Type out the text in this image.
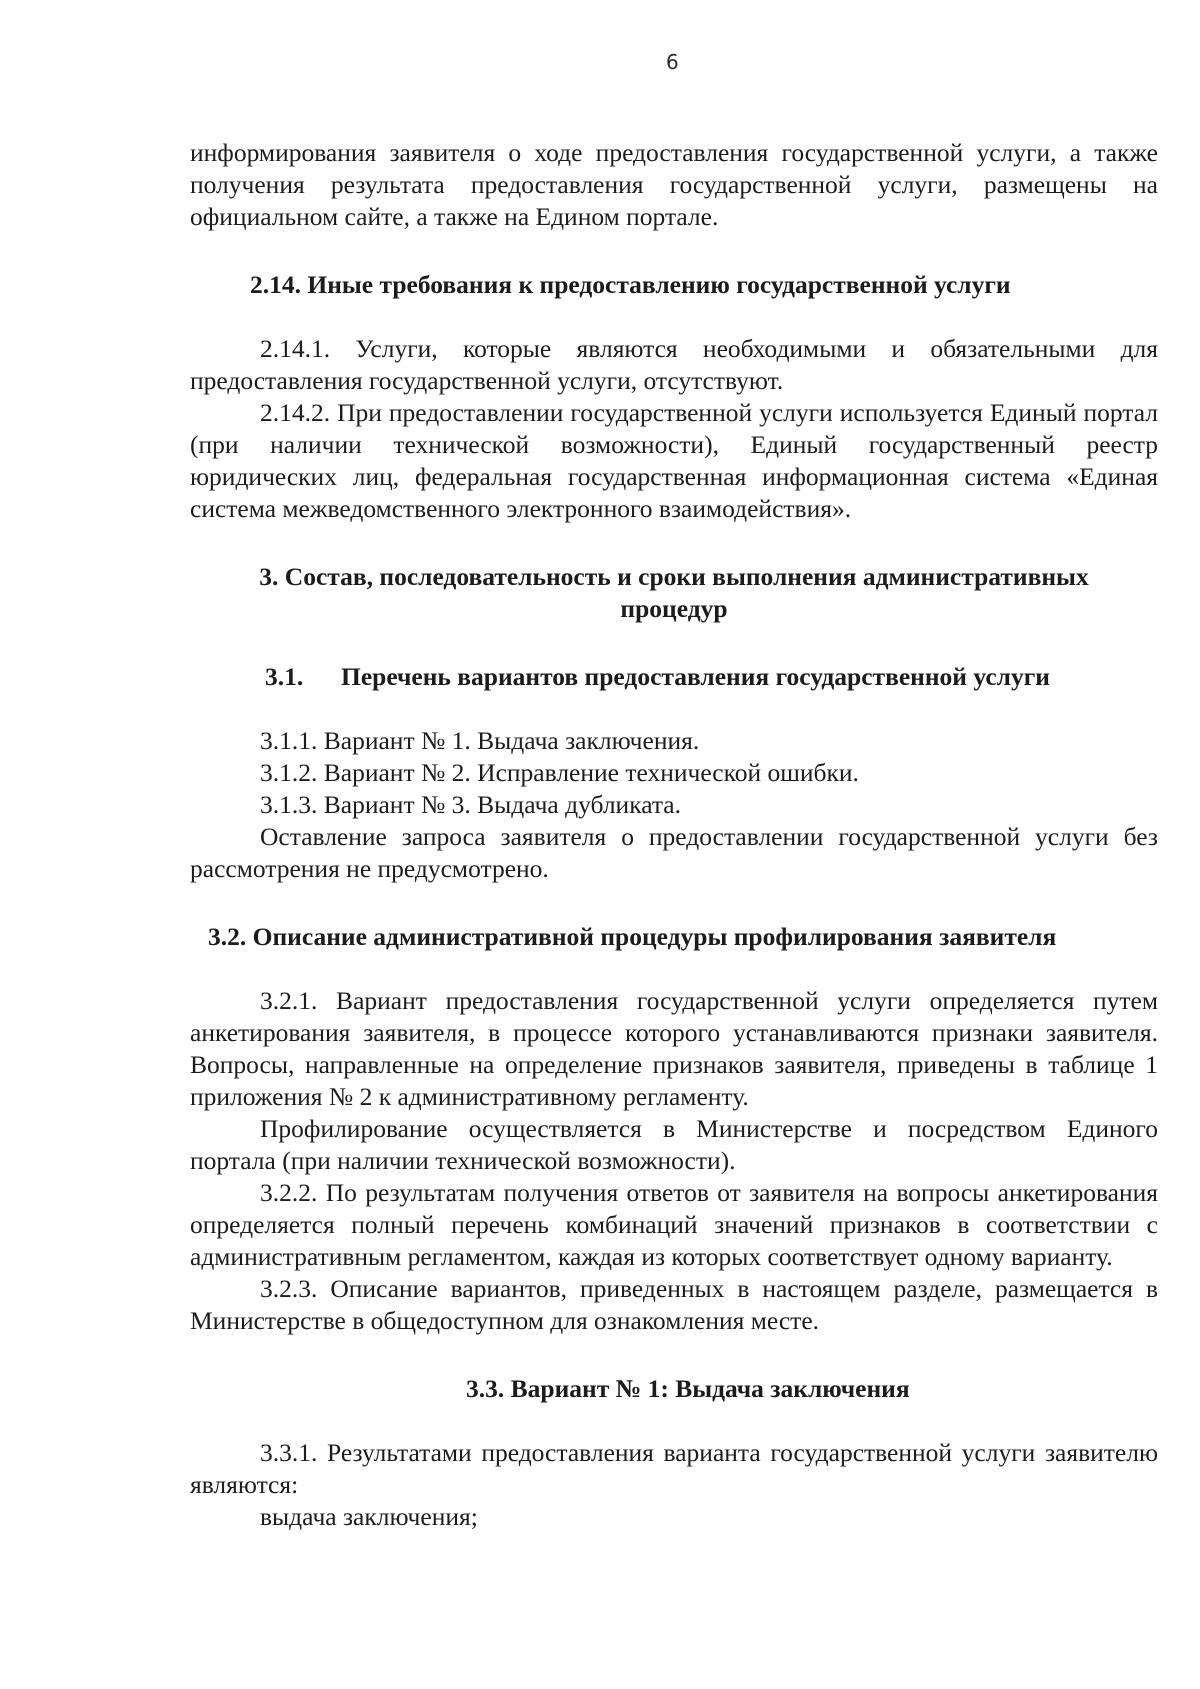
6

информирования заявителя о ходе предоставления государственной услуги, а также получения результата предоставления государственной услуги, размещены на официальном сайте, а также на Едином портале.

2.14. Иные требования к предоставлению государственной услуги

2.14.1. Услуги, которые являются необходимыми и обязательными для предоставления государственной услуги, отсутствуют.

2.14.2. При предоставлении государственной услуги используется Единый портал (при наличии технической возможности), Единый государственный реестр юридических лиц, федеральная государственная информационная система «Единая система межведомственного электронного взаимодействия».

3. Состав, последовательность и сроки выполнения административных
процедур
3.1. Перечень вариантов предоставления государственной услуги

3.1.1. Вариант № 1. Выдача заключения.

3.1.2. Вариант № 2. Исправление технической ошибки.

3.1.3. Вариант № 3. Выдача дубликата.

Оставление запроса заявителя о предоставлении государственной услуги без рассмотрения не предусмотрено.

3.2. Описание административной процедуры профилирования заявителя

3.2.1. Вариант предоставления государственной услуги определяется путем анкетирования заявителя, в процессе которого устанавливаются признаки заявителя. Вопросы, направленные на определение признаков заявителя, приведены в таблице 1 приложения № 2 к административному регламенту.

Профилирование осуществляется в Министерстве и посредством Единого портала (при наличии технической возможности).

3.2.2. По результатам получения ответов от заявителя на вопросы анкетирования определяется полный перечень комбинаций значений признаков в соответствии с административным регламентом, каждая из которых соответствует одному варианту.

3.2.3. Описание вариантов, приведенных в настоящем разделе, размещается в Министерстве в общедоступном для ознакомления месте.

3.3. Вариант № 1: Выдача заключения

3.3.1. Результатами предоставления варианта государственной услуги заявителю являются:

выдача заключения;
